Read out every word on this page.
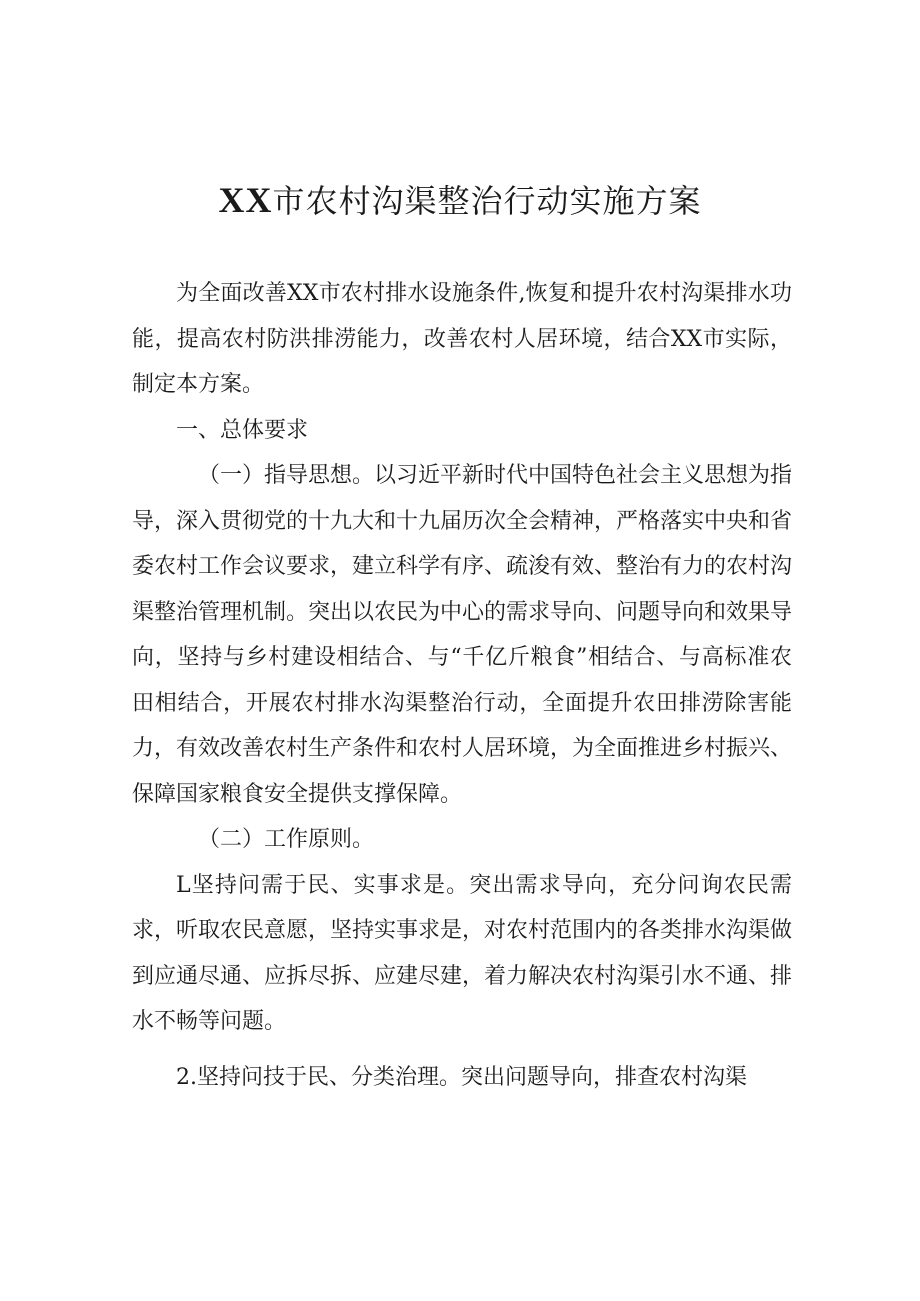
XX市农村沟渠整治行动实施方案

为全面改善XX市农村排水设施条件,恢复和提升农村沟渠排水功能，提高农村防洪排涝能力，改善农村人居环境，结合XX市实际，制定本方案。

一、总体要求

（一）指导思想。以习近平新时代中国特色社会主义思想为指导，深入贯彻党的十九大和十九届历次全会精神，严格落实中央和省委农村工作会议要求，建立科学有序、疏浚有效、整治有力的农村沟渠整治管理机制。突出以农民为中心的需求导向、问题导向和效果导向，坚持与乡村建设相结合、与“千亿斤粮食”相结合、与高标准农田相结合，开展农村排水沟渠整治行动，全面提升农田排涝除害能力，有效改善农村生产条件和农村人居环境，为全面推进乡村振兴、保障国家粮食安全提供支撑保障。

（二）工作原则。

L坚持问需于民、实事求是。突出需求导向，充分问询农民需求，听取农民意愿，坚持实事求是，对农村范围内的各类排水沟渠做到应通尽通、应拆尽拆、应建尽建，着力解决农村沟渠引水不通、排水不畅等问题。

2.坚持问技于民、分类治理。突出问题导向，排查农村沟渠
